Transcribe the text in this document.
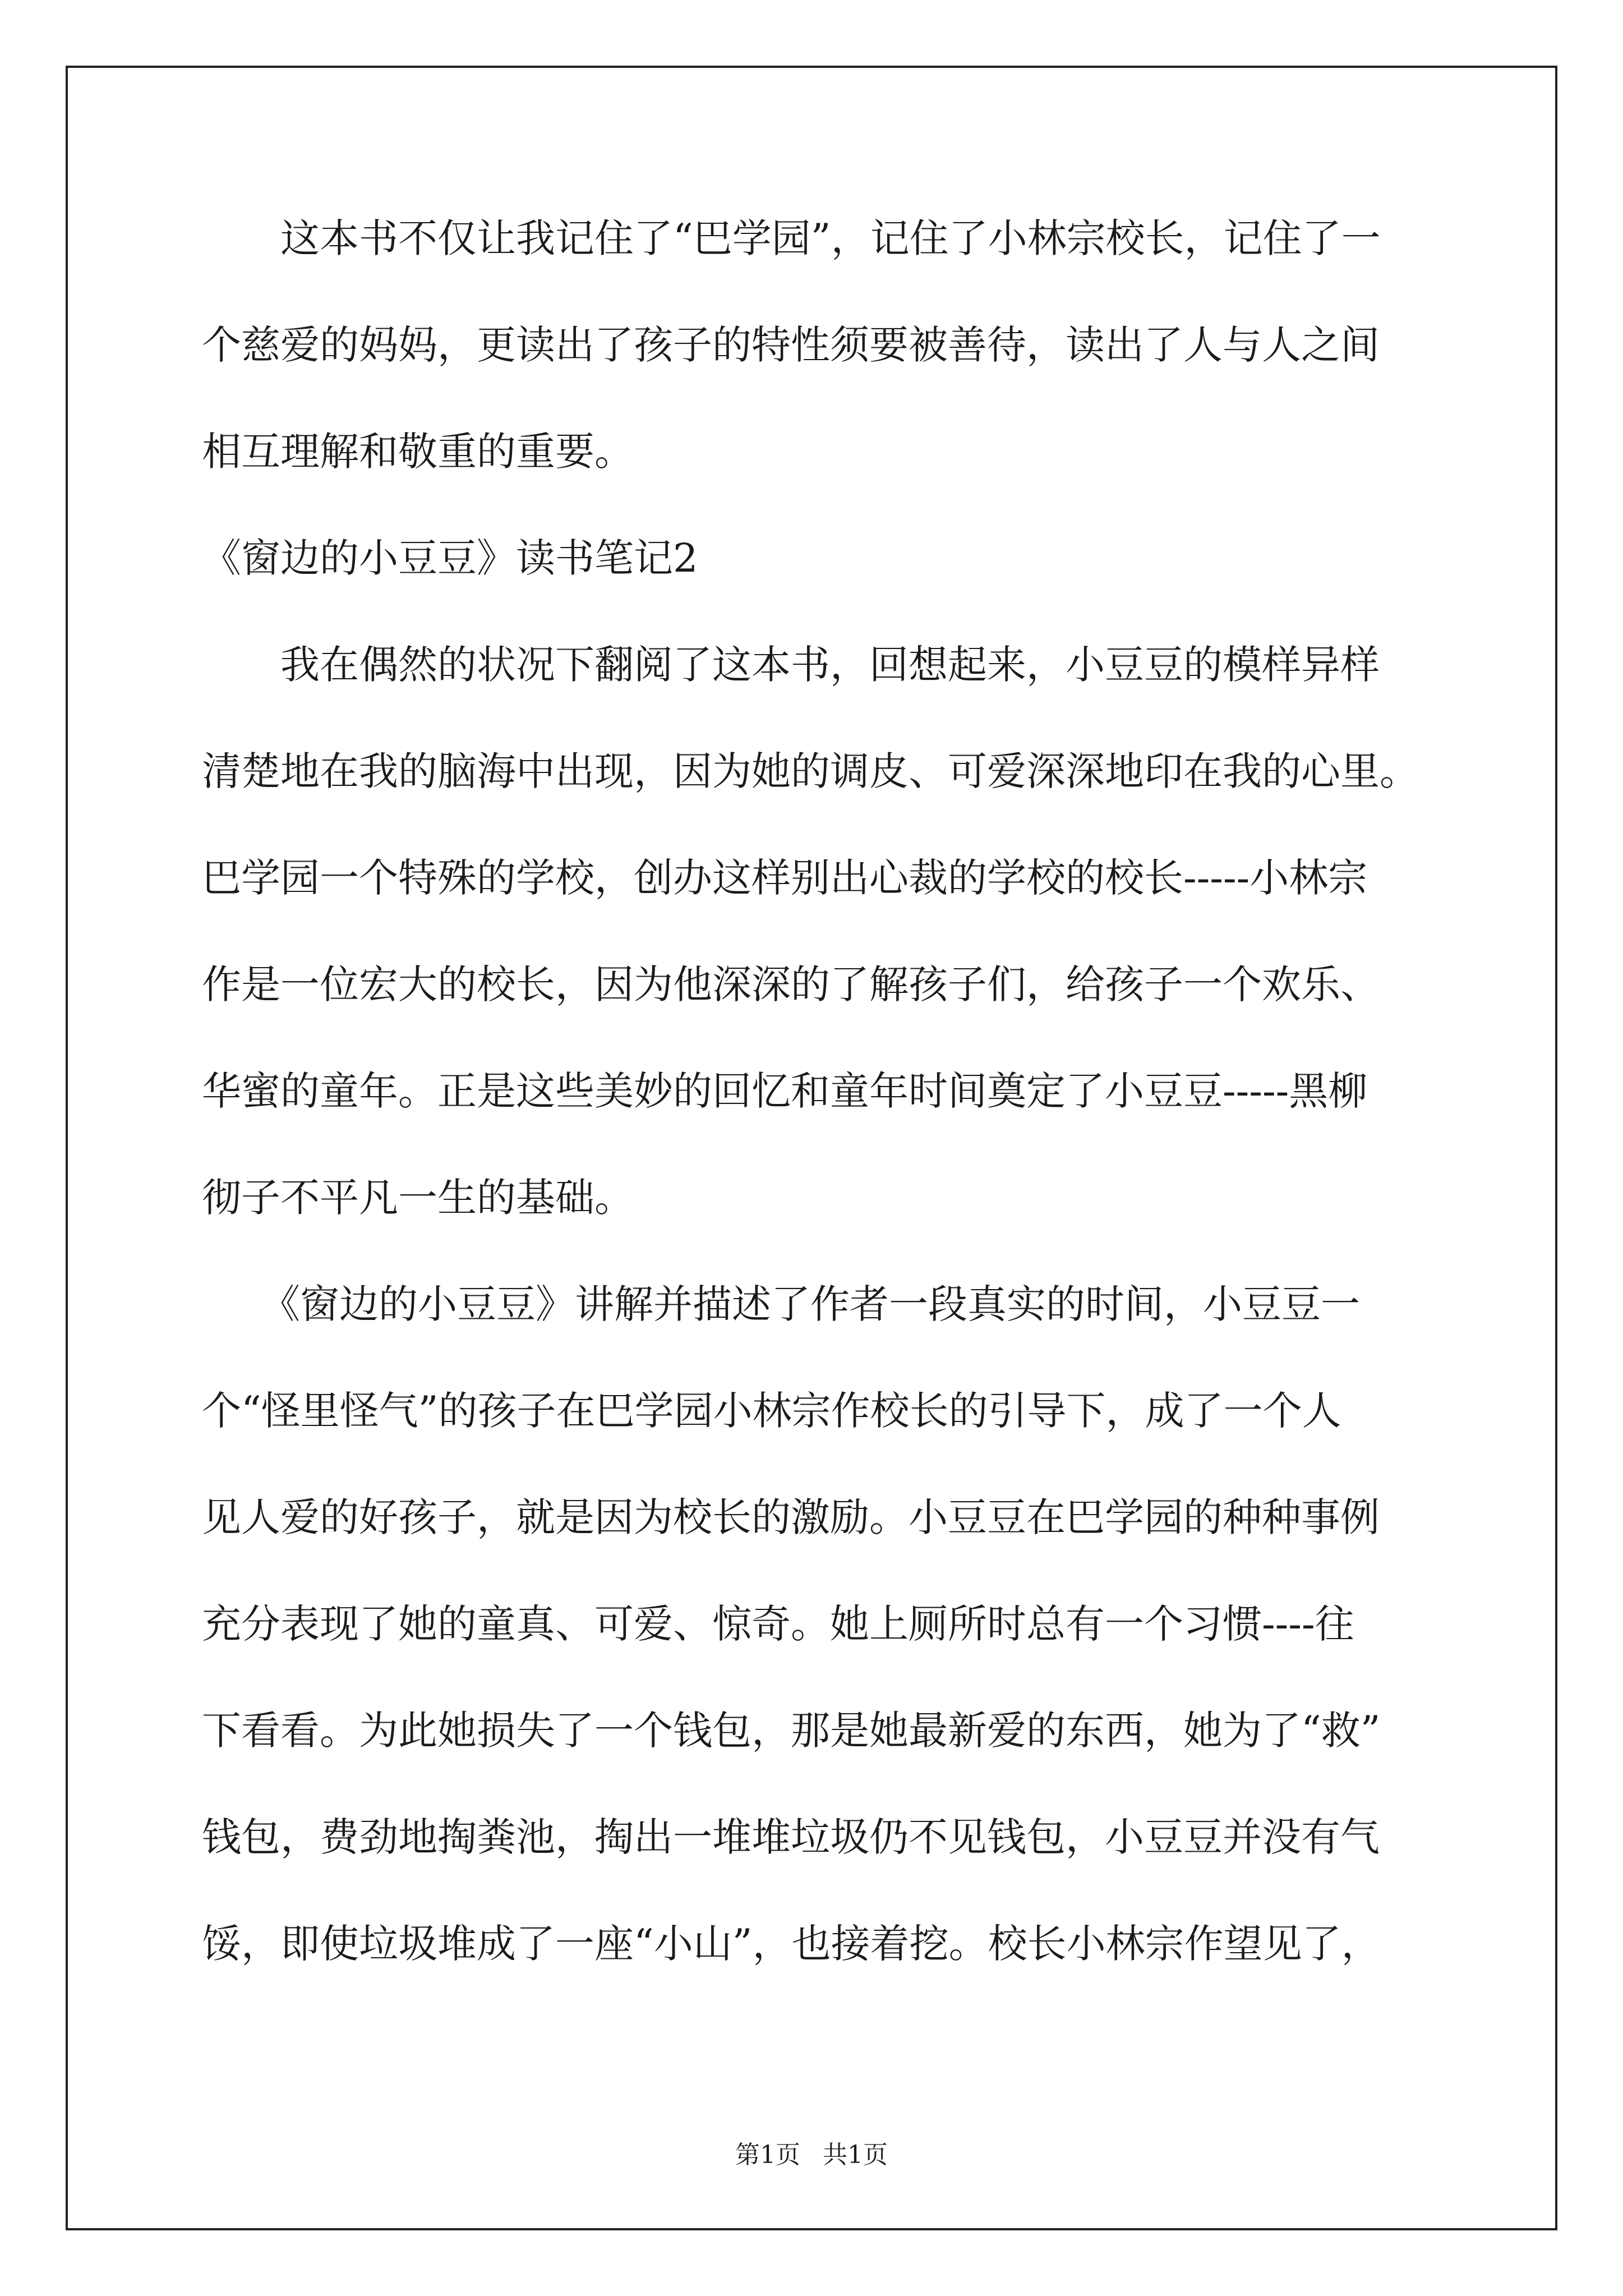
　　这本书不仅让我记住了“巴学园”，记住了小林宗校长，记住了一
个慈爱的妈妈，更读出了孩子的特性须要被善待，读出了人与人之间
相互理解和敬重的重要。
《窗边的小豆豆》读书笔记2
　　我在偶然的状况下翻阅了这本书，回想起来，小豆豆的模样异样
清楚地在我的脑海中出现，因为她的调皮、可爱深深地印在我的心里。
巴学园一个特殊的学校，创办这样别出心裁的学校的校长-----小林宗
作是一位宏大的校长，因为他深深的了解孩子们，给孩子一个欢乐、
华蜜的童年。正是这些美妙的回忆和童年时间奠定了小豆豆-----黑柳
彻子不平凡一生的基础。
　　《窗边的小豆豆》讲解并描述了作者一段真实的时间，小豆豆一
个“怪里怪气”的孩子在巴学园小林宗作校长的引导下，成了一个人
见人爱的好孩子，就是因为校长的激励。小豆豆在巴学园的种种事例
充分表现了她的童真、可爱、惊奇。她上厕所时总有一个习惯----往
下看看。为此她损失了一个钱包，那是她最新爱的东西，她为了“救”
钱包，费劲地掏粪池，掏出一堆堆垃圾仍不见钱包，小豆豆并没有气
馁，即使垃圾堆成了一座“小山”，也接着挖。校长小林宗作望见了，
第1页 共1页
